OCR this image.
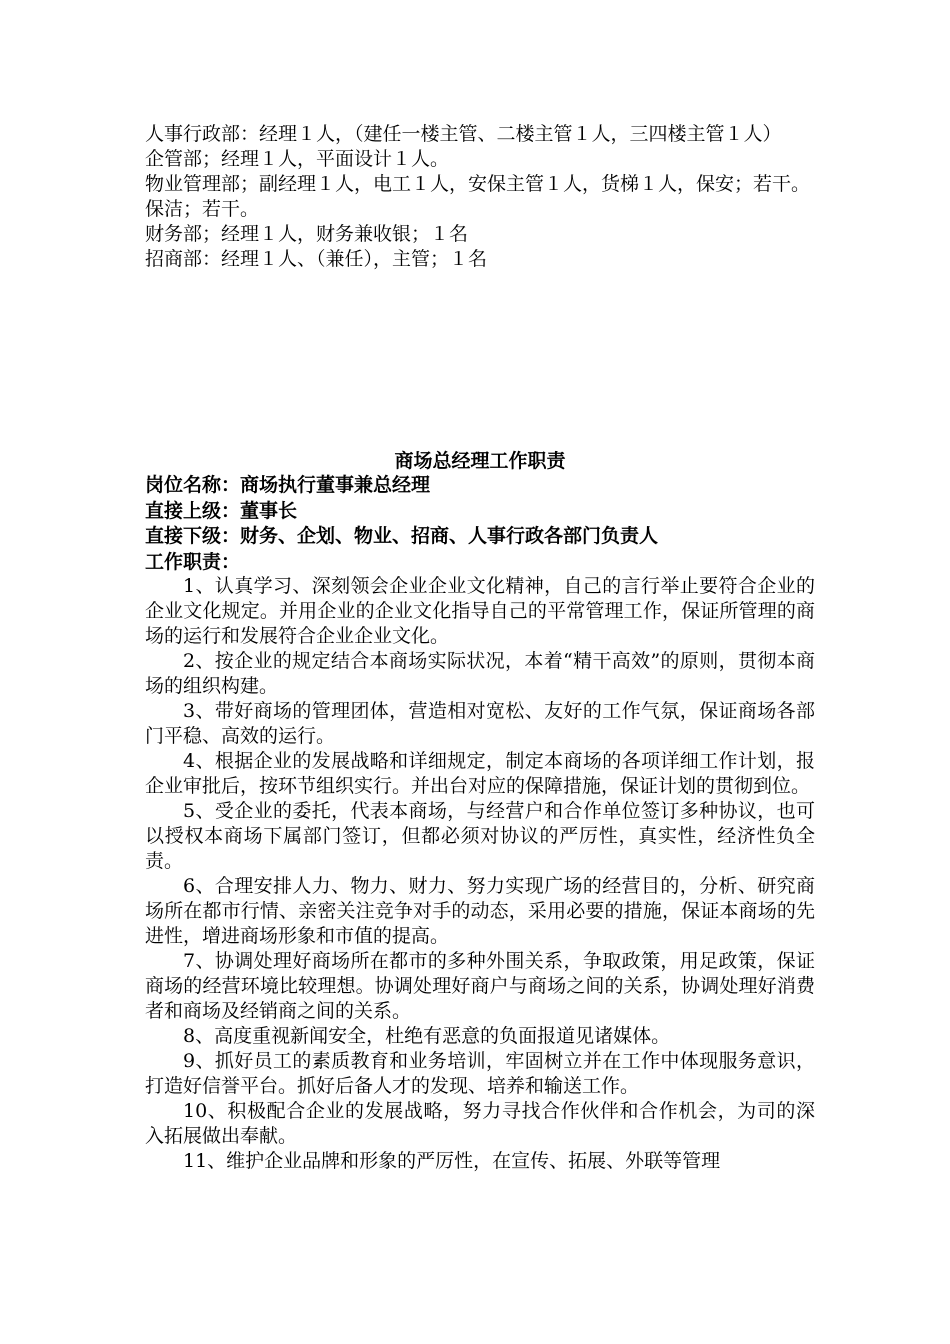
人事行政部：经理１人，（建任一楼主管、二楼主管１人，三四楼主管１人）

企管部；经理１人，平面设计１人。

物业管理部；副经理１人，电工１人，安保主管１人，货梯１人，保安；若干。保洁；若干。

财务部；经理１人，财务兼收银；１名

招商部：经理１人、（兼任），主管；１名

商场总经理工作职责

岗位名称：商场执行董事兼总经理

直接上级：董事长

直接下级：财务、企划、物业、招商、人事行政各部门负责人

工作职责：

1、认真学习、深刻领会企业企业文化精神，自己的言行举止要符合企业的企业文化规定。并用企业的企业文化指导自己的平常管理工作，保证所管理的商场的运行和发展符合企业企业文化。

2、按企业的规定结合本商场实际状况，本着“精干高效”的原则，贯彻本商场的组织构建。

3、带好商场的管理团体，营造相对宽松、友好的工作气氛，保证商场各部门平稳、高效的运行。

4、根据企业的发展战略和详细规定，制定本商场的各项详细工作计划，报企业审批后，按环节组织实行。并出台对应的保障措施，保证计划的贯彻到位。

5、受企业的委托，代表本商场，与经营户和合作单位签订多种协议，也可以授权本商场下属部门签订，但都必须对协议的严厉性，真实性，经济性负全责。

6、合理安排人力、物力、财力、努力实现广场的经营目的，分析、研究商场所在都市行情、亲密关注竞争对手的动态，采用必要的措施，保证本商场的先进性，增进商场形象和市值的提高。

7、协调处理好商场所在都市的多种外围关系，争取政策，用足政策，保证商场的经营环境比较理想。协调处理好商户与商场之间的关系，协调处理好消费者和商场及经销商之间的关系。

8、高度重视新闻安全，杜绝有恶意的负面报道见诸媒体。

9、抓好员工的素质教育和业务培训，牢固树立并在工作中体现服务意识，打造好信誉平台。抓好后备人才的发现、培养和输送工作。

10、积极配合企业的发展战略，努力寻找合作伙伴和合作机会，为司的深入拓展做出奉献。

11、维护企业品牌和形象的严厉性，在宣传、拓展、外联等管理
